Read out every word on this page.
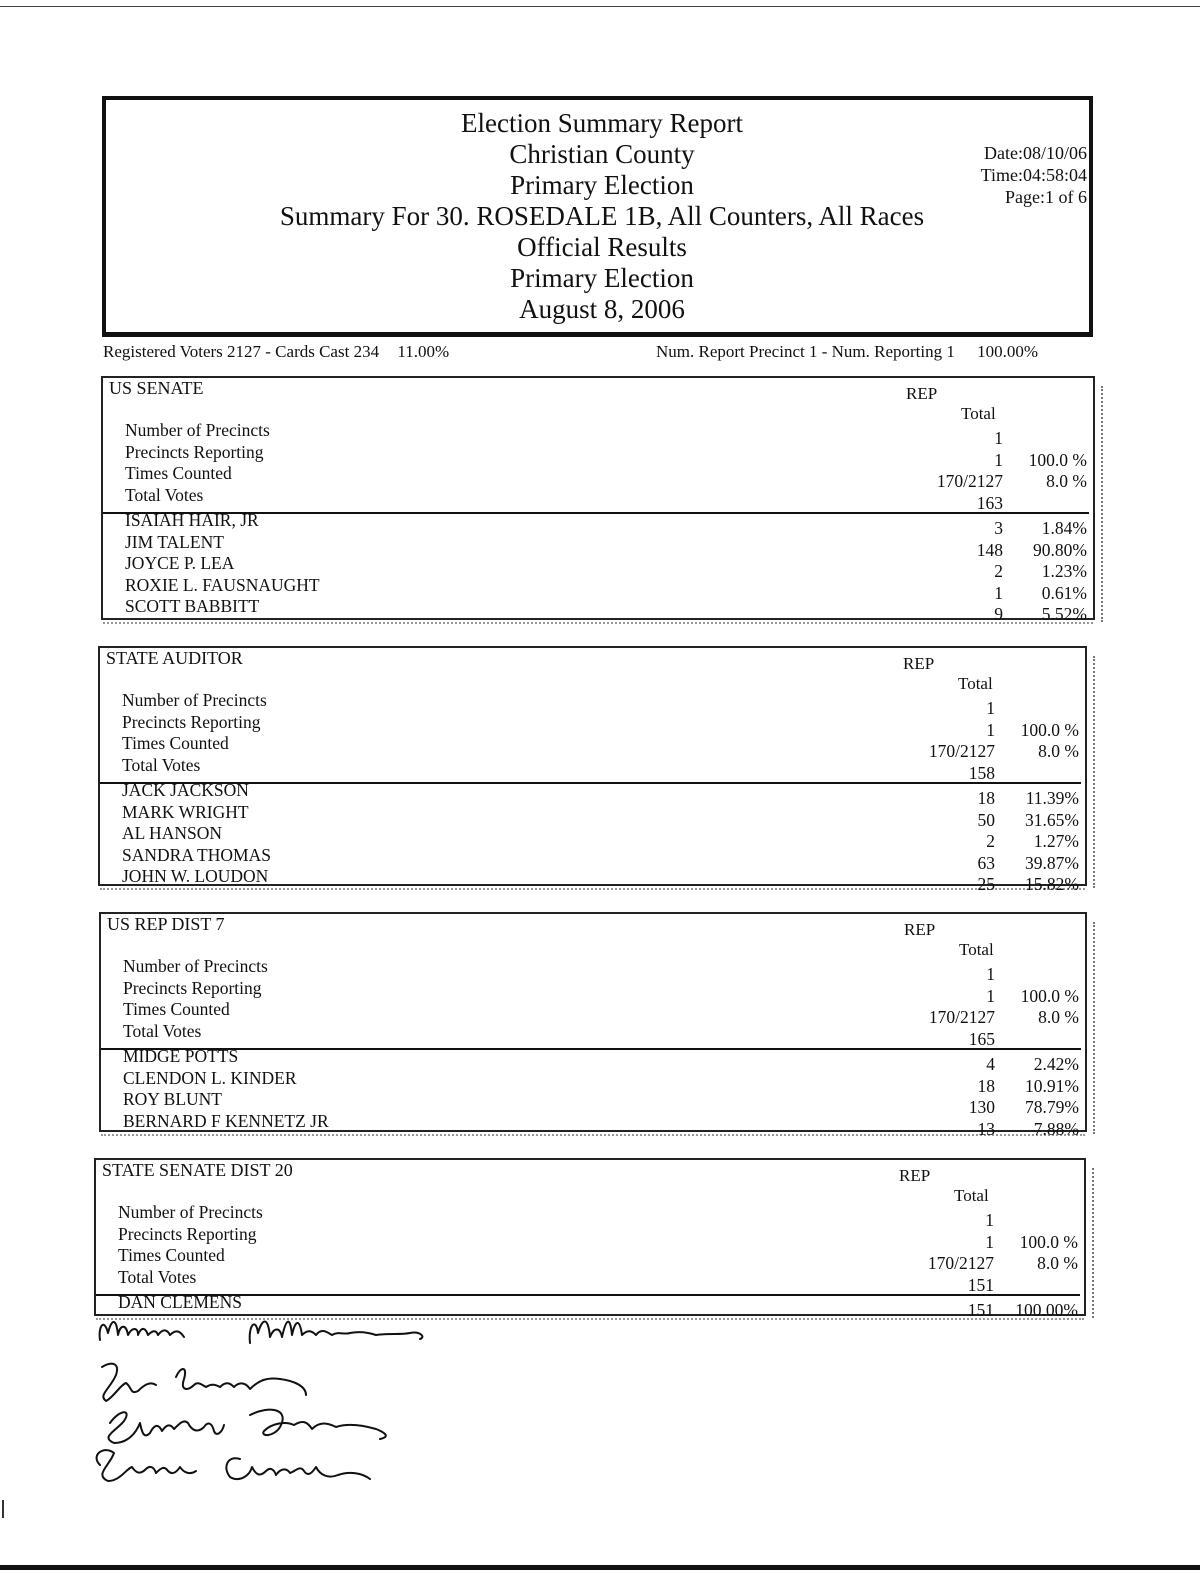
Election Summary Report
Christian County
Primary Election
Summary For 30. ROSEDALE 1B, All Counters, All Races
Official Results
Primary Election
August 8, 2006
Date:08/10/06
Time:04:58:04
Page:1 of 6
Registered Voters 2127 - Cards Cast 234 11.00%	Num. Report Precinct 1 - Num. Reporting 1 100.00%
US SENATE	REP
Total
Number of Precincts	1
Precincts Reporting	1 100.0 %
Times Counted	170/2127 8.0 %
Total Votes	163
ISAIAH HAIR, JR	3 1.84%
JIM TALENT	148 90.80%
JOYCE P. LEA	2 1.23%
ROXIE L. FAUSNAUGHT	1 0.61%
SCOTT BABBITT	9 5.52%
STATE AUDITOR	REP
Total
Number of Precincts	1
Precincts Reporting	1 100.0 %
Times Counted	170/2127 8.0 %
Total Votes	158
JACK JACKSON	18 11.39%
MARK WRIGHT	50 31.65%
AL HANSON	2 1.27%
SANDRA THOMAS	63 39.87%
JOHN W. LOUDON	25 15.82%
US REP DIST 7	REP
Total
Number of Precincts	1
Precincts Reporting	1 100.0 %
Times Counted	170/2127 8.0 %
Total Votes	165
MIDGE POTTS	4 2.42%
CLENDON L. KINDER	18 10.91%
ROY BLUNT	130 78.79%
BERNARD F KENNETZ JR	13 7.88%
STATE SENATE DIST 20	REP
Total
Number of Precincts	1
Precincts Reporting	1 100.0 %
Times Counted	170/2127 8.0 %
Total Votes	151
DAN CLEMENS	151 100.00%
